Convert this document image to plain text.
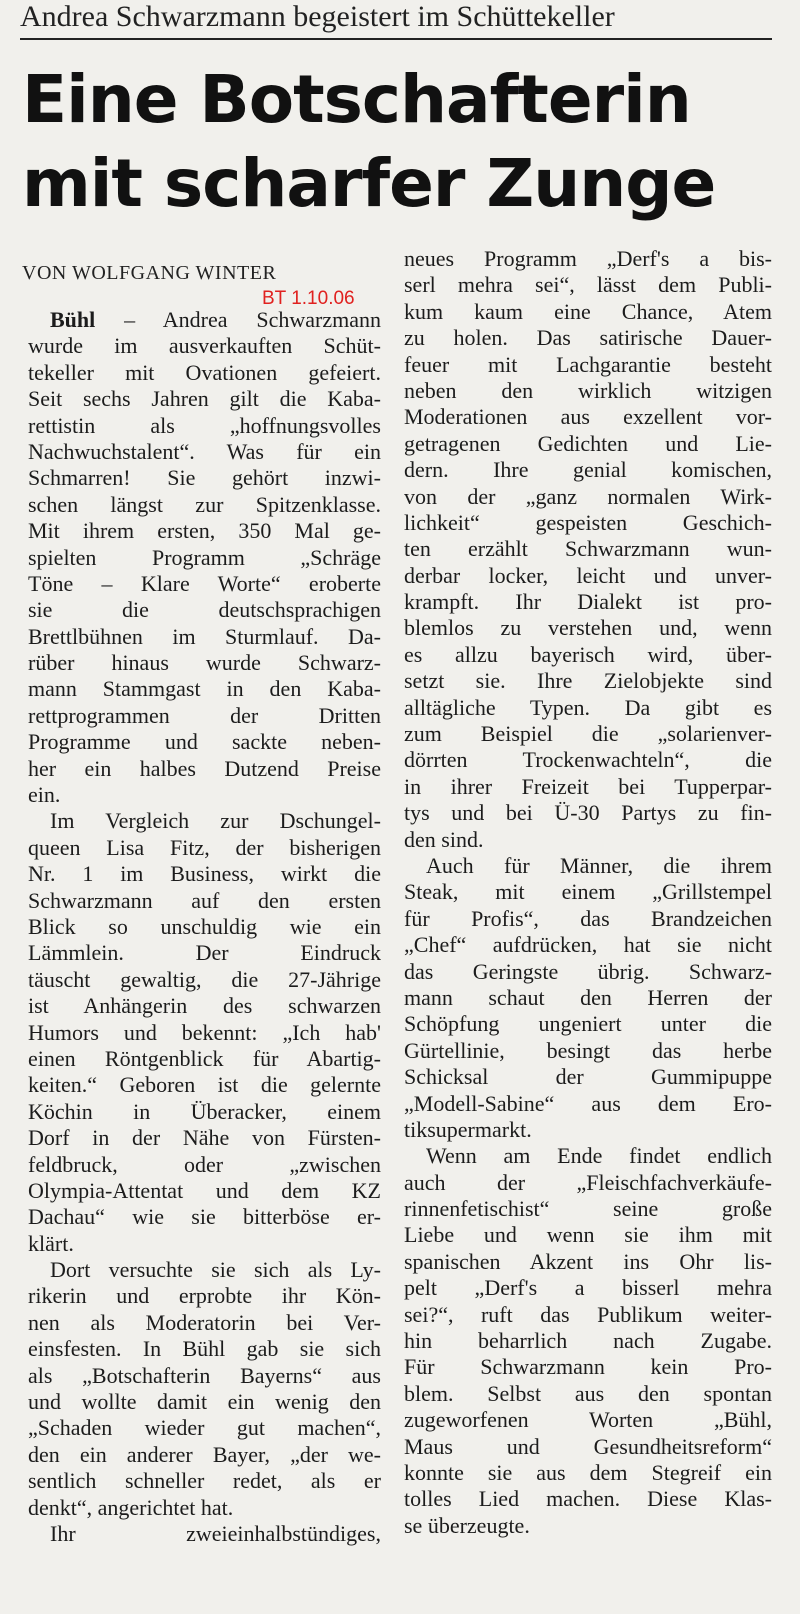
Andrea Schwarzmann begeistert im Schüttekeller
Eine Botschafterin
mit scharfer Zunge
VON WOLFGANG WINTER
BT 1.10.06
Bühl – Andrea Schwarzmann
wurde im ausverkauften Schüt-
tekeller mit Ovationen gefeiert.
Seit sechs Jahren gilt die Kaba-
rettistin als „hoffnungsvolles
Nachwuchstalent“. Was für ein
Schmarren! Sie gehört inzwi-
schen längst zur Spitzenklasse.
Mit ihrem ersten, 350 Mal ge-
spielten Programm „Schräge
Töne – Klare Worte“ eroberte
sie die deutschsprachigen
Brettlbühnen im Sturmlauf. Da-
rüber hinaus wurde Schwarz-
mann Stammgast in den Kaba-
rettprogrammen der Dritten
Programme und sackte neben-
her ein halbes Dutzend Preise
ein.
Im Vergleich zur Dschungel-
queen Lisa Fitz, der bisherigen
Nr. 1 im Business, wirkt die
Schwarzmann auf den ersten
Blick so unschuldig wie ein
Lämmlein. Der Eindruck
täuscht gewaltig, die 27-Jährige
ist Anhängerin des schwarzen
Humors und bekennt: „Ich hab'
einen Röntgenblick für Abartig-
keiten.“ Geboren ist die gelernte
Köchin in Überacker, einem
Dorf in der Nähe von Fürsten-
feldbruck, oder „zwischen
Olympia-Attentat und dem KZ
Dachau“ wie sie bitterböse er-
klärt.
Dort versuchte sie sich als Ly-
rikerin und erprobte ihr Kön-
nen als Moderatorin bei Ver-
einsfesten. In Bühl gab sie sich
als „Botschafterin Bayerns“ aus
und wollte damit ein wenig den
„Schaden wieder gut machen“,
den ein anderer Bayer, „der we-
sentlich schneller redet, als er
denkt“, angerichtet hat.
Ihr zweieinhalbstündiges,
neues Programm „Derf's a bis-
serl mehra sei“, lässt dem Publi-
kum kaum eine Chance, Atem
zu holen. Das satirische Dauer-
feuer mit Lachgarantie besteht
neben den wirklich witzigen
Moderationen aus exzellent vor-
getragenen Gedichten und Lie-
dern. Ihre genial komischen,
von der „ganz normalen Wirk-
lichkeit“ gespeisten Geschich-
ten erzählt Schwarzmann wun-
derbar locker, leicht und unver-
krampft. Ihr Dialekt ist pro-
blemlos zu verstehen und, wenn
es allzu bayerisch wird, über-
setzt sie. Ihre Zielobjekte sind
alltägliche Typen. Da gibt es
zum Beispiel die „solarienver-
dörrten Trockenwachteln“, die
in ihrer Freizeit bei Tupperpar-
tys und bei Ü-30 Partys zu fin-
den sind.
Auch für Männer, die ihrem
Steak, mit einem „Grillstempel
für Profis“, das Brandzeichen
„Chef“ aufdrücken, hat sie nicht
das Geringste übrig. Schwarz-
mann schaut den Herren der
Schöpfung ungeniert unter die
Gürtellinie, besingt das herbe
Schicksal der Gummipuppe
„Modell-Sabine“ aus dem Ero-
tiksupermarkt.
Wenn am Ende findet endlich
auch der „Fleischfachverkäufe-
rinnenfetischist“ seine große
Liebe und wenn sie ihm mit
spanischen Akzent ins Ohr lis-
pelt „Derf's a bisserl mehra
sei?“, ruft das Publikum weiter-
hin beharrlich nach Zugabe.
Für Schwarzmann kein Pro-
blem. Selbst aus den spontan
zugeworfenen Worten „Bühl,
Maus und Gesundheitsreform“
konnte sie aus dem Stegreif ein
tolles Lied machen. Diese Klas-
se überzeugte.
